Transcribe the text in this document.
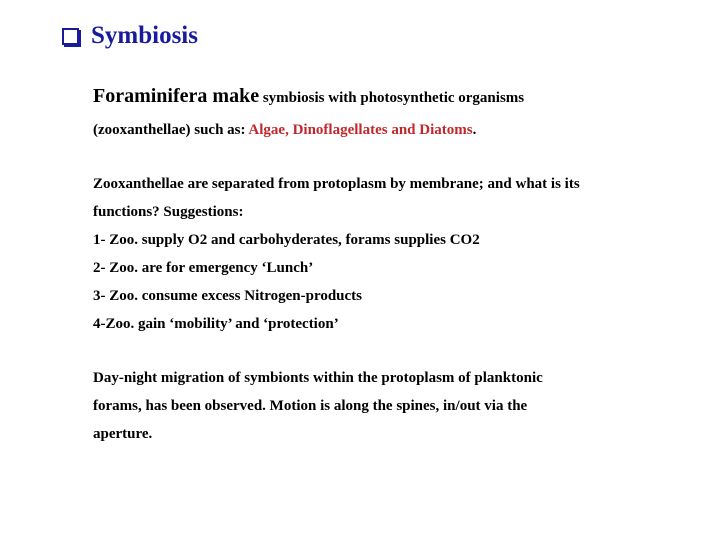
Symbiosis
Foraminifera make symbiosis with photosynthetic organisms
(zooxanthellae) such as: Algae, Dinoflagellates and Diatoms.
Zooxanthellae are separated from protoplasm by membrane; and what is its
functions? Suggestions:
1- Zoo. supply O2 and carbohyderates, forams supplies CO2
2- Zoo. are for emergency ‘Lunch’
3- Zoo. consume excess Nitrogen-products
4-Zoo. gain ‘mobility’ and ‘protection’
Day-night migration of symbionts within the protoplasm of planktonic
forams, has been observed. Motion is along the spines, in/out via the
aperture.
